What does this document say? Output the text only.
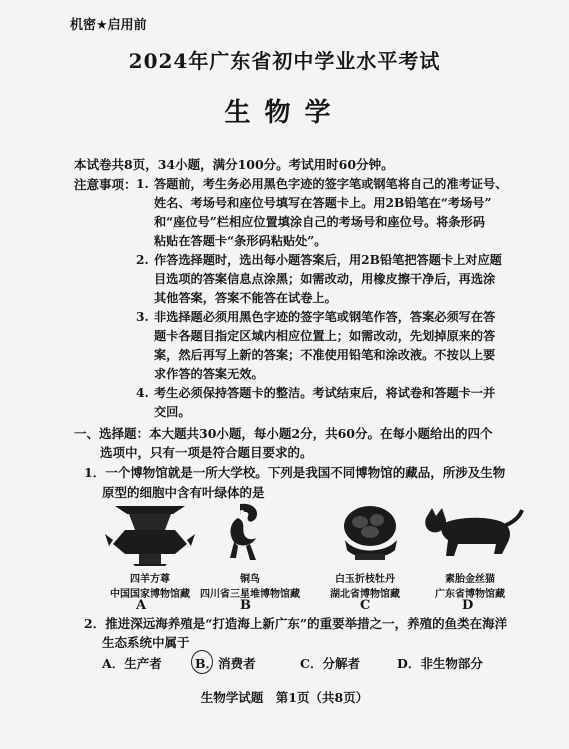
机密★启用前
2024年广东省初中学业水平考试
生物学
本试卷共8页，34小题，满分100分。考试用时60分钟。
注意事项： 1. 答题前，考生务必用黑色字迹的签字笔或钢笔将自己的准考证号、
姓名、考场号和座位号填写在答题卡上。用2B铅笔在“考场号”
和“座位号”栏相应位置填涂自己的考场号和座位号。将条形码
粘贴在答题卡“条形码粘贴处”。
2. 作答选择题时，选出每小题答案后，用2B铅笔把答题卡上对应题
目选项的答案信息点涂黑；如需改动，用橡皮擦干净后，再选涂
其他答案，答案不能答在试卷上。
3. 非选择题必须用黑色字迹的签字笔或钢笔作答，答案必须写在答
题卡各题目指定区域内相应位置上；如需改动，先划掉原来的答
案，然后再写上新的答案；不准使用铅笔和涂改液。不按以上要
求作答的答案无效。
4. 考生必须保持答题卡的整洁。考试结束后，将试卷和答题卡一并
交回。
一、选择题：本大题共30小题，每小题2分，共60分。在每小题给出的四个
选项中，只有一项是符合题目要求的。
1．一个博物馆就是一所大学校。下列是我国不同博物馆的藏品，所涉及生物
原型的细胞中含有叶绿体的是
四羊方尊
中国国家博物馆藏
铜鸟
四川省三星堆博物馆藏
白玉折枝牡丹
湖北省博物馆藏
素胎金丝猫
广东省博物馆藏
A	B	C	D
2．推进深远海养殖是“打造海上新广东”的重要举措之一，养殖的鱼类在海洋
生态系统中属于
A．生产者	B．消费者	C．分解者	D．非生物部分
生物学试题　第1页（共8页）
